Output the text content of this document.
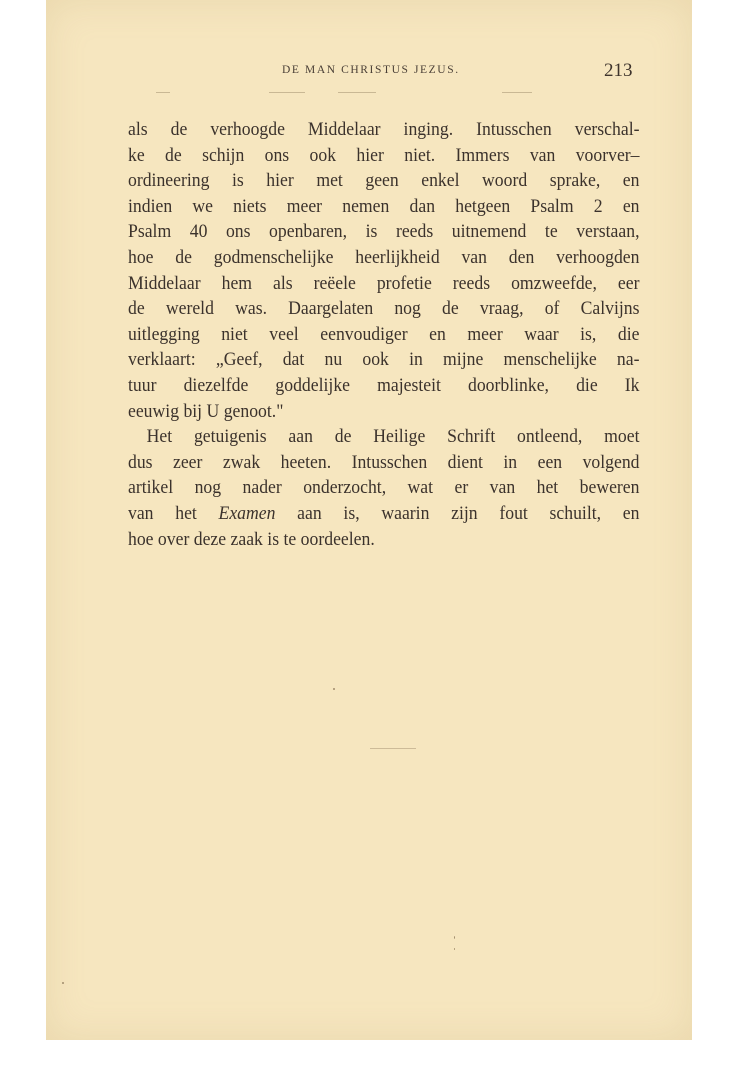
DE MAN CHRISTUS JEZUS.	213
als de verhoogde Middelaar inging. Intusschen verschal-
ke de schijn ons ook hier niet. Immers van voorver–
ordineering is hier met geen enkel woord sprake, en
indien we niets meer nemen dan hetgeen Psalm 2 en
Psalm 40 ons openbaren, is reeds uitnemend te verstaan,
hoe de godmenschelijke heerlijkheid van den verhoogden
Middelaar hem als reëele profetie reeds omzweefde, eer
de wereld was. Daargelaten nog de vraag, of Calvijns
uitlegging niet veel eenvoudiger en meer waar is, die
verklaart: „Geef, dat nu ook in mijne menschelijke na-
tuur diezelfde goddelijke majesteit doorblinke, die Ik
eeuwig bij U genoot."
Het getuigenis aan de Heilige Schrift ontleend, moet
dus zeer zwak heeten. Intusschen dient in een volgend
artikel nog nader onderzocht, wat er van het beweren
van het Examen aan is, waarin zijn fout schuilt, en
hoe over deze zaak is te oordeelen.
